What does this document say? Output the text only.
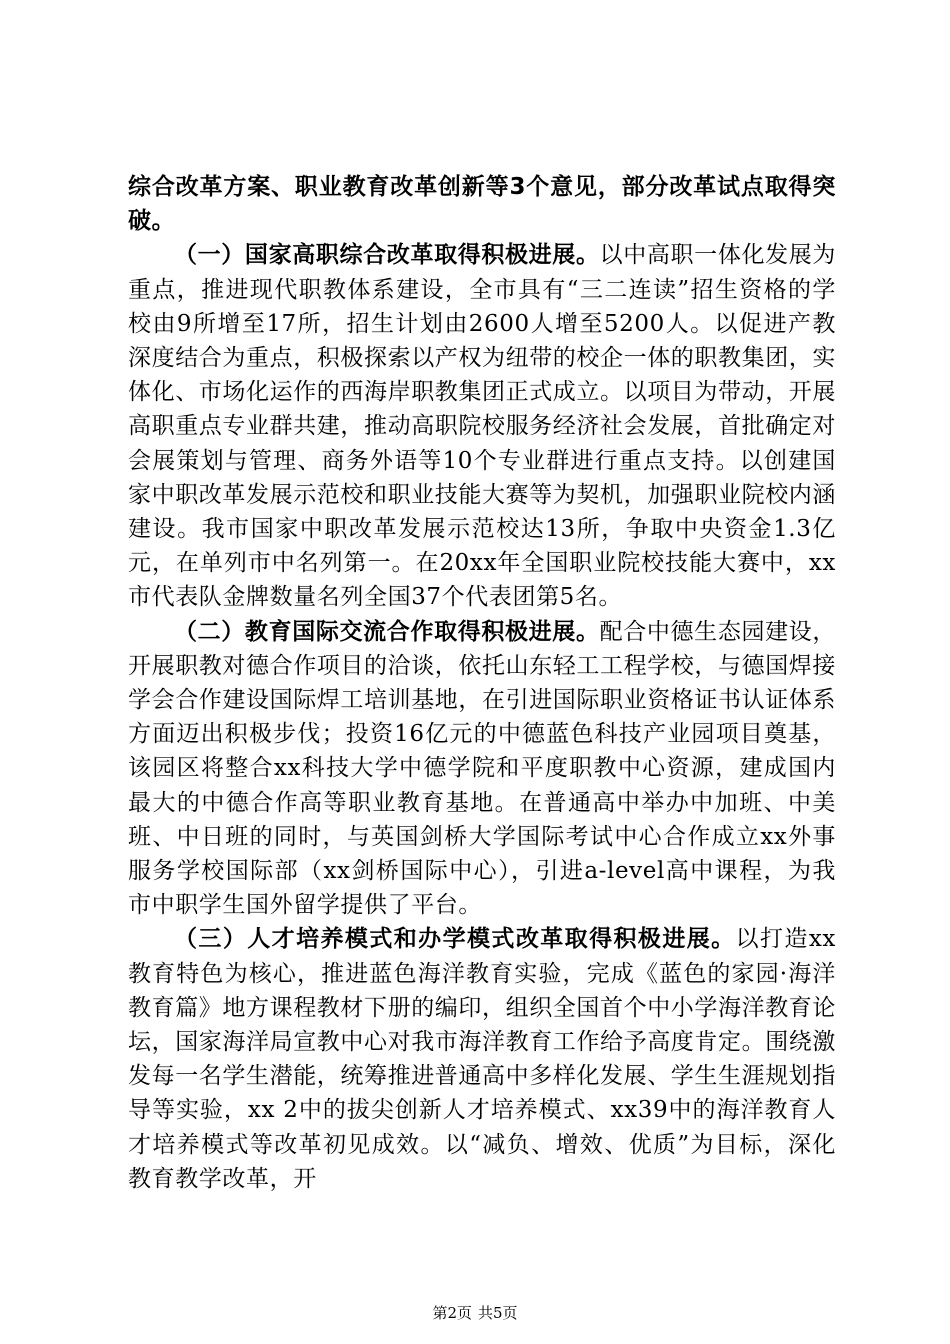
综合改革方案、职业教育改革创新等3个意见，部分改革试点取得突破。

（一）国家高职综合改革取得积极进展。以中高职一体化发展为重点，推进现代职教体系建设，全市具有“三二连读”招生资格的学校由9所增至17所，招生计划由2600人增至5200人。以促进产教深度结合为重点，积极探索以产权为纽带的校企一体的职教集团，实体化、市场化运作的西海岸职教集团正式成立。以项目为带动，开展高职重点专业群共建，推动高职院校服务经济社会发展，首批确定对会展策划与管理、商务外语等10个专业群进行重点支持。以创建国家中职改革发展示范校和职业技能大赛等为契机，加强职业院校内涵建设。我市国家中职改革发展示范校达13所，争取中央资金1.3亿元，在单列市中名列第一。在20xx年全国职业院校技能大赛中，xx市代表队金牌数量名列全国37个代表团第5名。

（二）教育国际交流合作取得积极进展。配合中德生态园建设，开展职教对德合作项目的洽谈，依托山东轻工工程学校，与德国焊接学会合作建设国际焊工培训基地，在引进国际职业资格证书认证体系方面迈出积极步伐；投资16亿元的中德蓝色科技产业园项目奠基，该园区将整合xx科技大学中德学院和平度职教中心资源，建成国内最大的中德合作高等职业教育基地。在普通高中举办中加班、中美班、中日班的同时，与英国剑桥大学国际考试中心合作成立xx外事服务学校国际部（xx剑桥国际中心），引进a-level高中课程，为我市中职学生国外留学提供了平台。

（三）人才培养模式和办学模式改革取得积极进展。以打造xx教育特色为核心，推进蓝色海洋教育实验，完成《蓝色的家园·海洋教育篇》地方课程教材下册的编印，组织全国首个中小学海洋教育论坛，国家海洋局宣教中心对我市海洋教育工作给予高度肯定。围绕激发每一名学生潜能，统筹推进普通高中多样化发展、学生生涯规划指导等实验，xx 2中的拔尖创新人才培养模式、xx39中的海洋教育人才培养模式等改革初见成效。以“减负、增效、优质”为目标，深化教育教学改革，开

第2页 共5页
